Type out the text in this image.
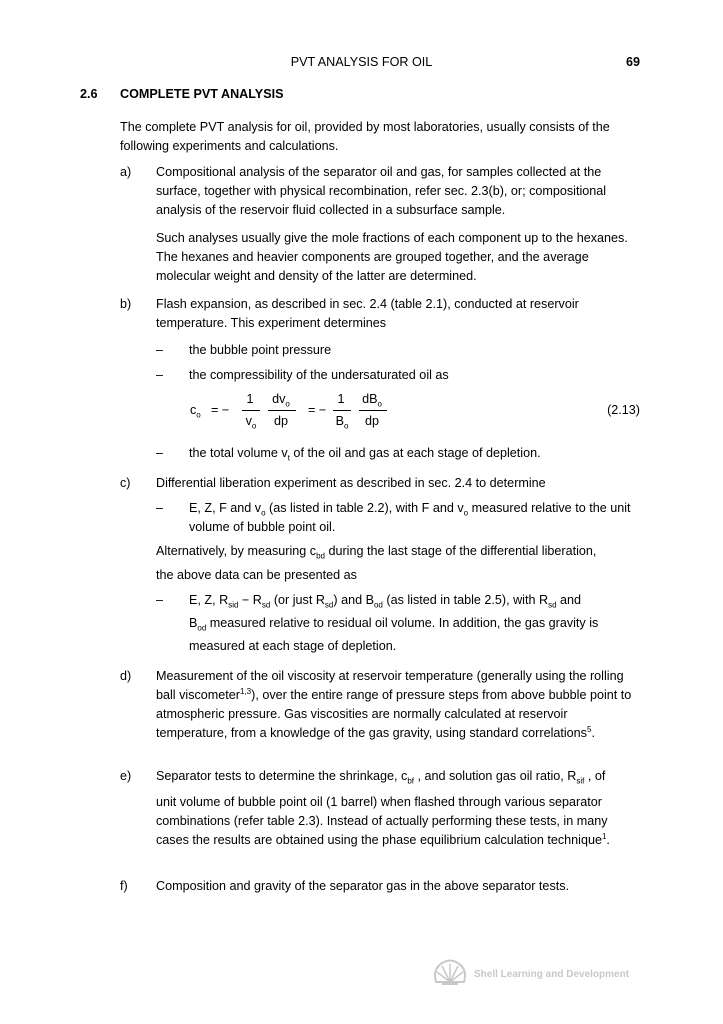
PVT ANALYSIS FOR OIL	69
2.6 COMPLETE PVT ANALYSIS
The complete PVT analysis for oil, provided by most laboratories, usually consists of the following experiments and calculations.
a) Compositional analysis of the separator oil and gas, for samples collected at the surface, together with physical recombination, refer sec. 2.3(b), or; compositional analysis of the reservoir fluid collected in a subsurface sample.
Such analyses usually give the mole fractions of each component up to the hexanes. The hexanes and heavier components are grouped together, and the average molecular weight and density of the latter are determined.
b) Flash expansion, as described in sec. 2.4 (table 2.1), conducted at reservoir temperature. This experiment determines
– the bubble point pressure
– the compressibility of the undersaturated oil as
$c_o$ = −
1
$v_o$
$dv_o$
dp
= −
1
$B_o$
$dB_o$
dp
(2.13)
– the total volume $v_t$ of the oil and gas at each stage of depletion.
c) Differential liberation experiment as described in sec. 2.4 to determine
– E, Z, F and $v_o$ (as listed in table 2.2), with F and $v_o$ measured relative to the unit volume of bubble point oil.
Alternatively, by measuring $c_{bd}$ during the last stage of the differential liberation,
the above data can be presented as
– E, Z, $R_{sid} - R_{sd}$ (or just $R_{sd}$) and $B_{od}$ (as listed in table 2.5), with $R_{sd}$ and
$B_{od}$ measured relative to residual oil volume. In addition, the gas gravity is
measured at each stage of depletion.
d) Measurement of the oil viscosity at reservoir temperature (generally using the rolling ball viscometer$^{1,3}$), over the entire range of pressure steps from above bubble point to atmospheric pressure. Gas viscosities are normally calculated at reservoir temperature, from a knowledge of the gas gravity, using standard correlations$^5$.
e) Separator tests to determine the shrinkage, $c_{bf}$ , and solution gas oil ratio, $R_{sif}$ , of
unit volume of bubble point oil (1 barrel) when flashed through various separator combinations (refer table 2.3). Instead of actually performing these tests, in many cases the results are obtained using the phase equilibrium calculation technique$^1$.
f) Composition and gravity of the separator gas in the above separator tests.
Shell Learning and Development
